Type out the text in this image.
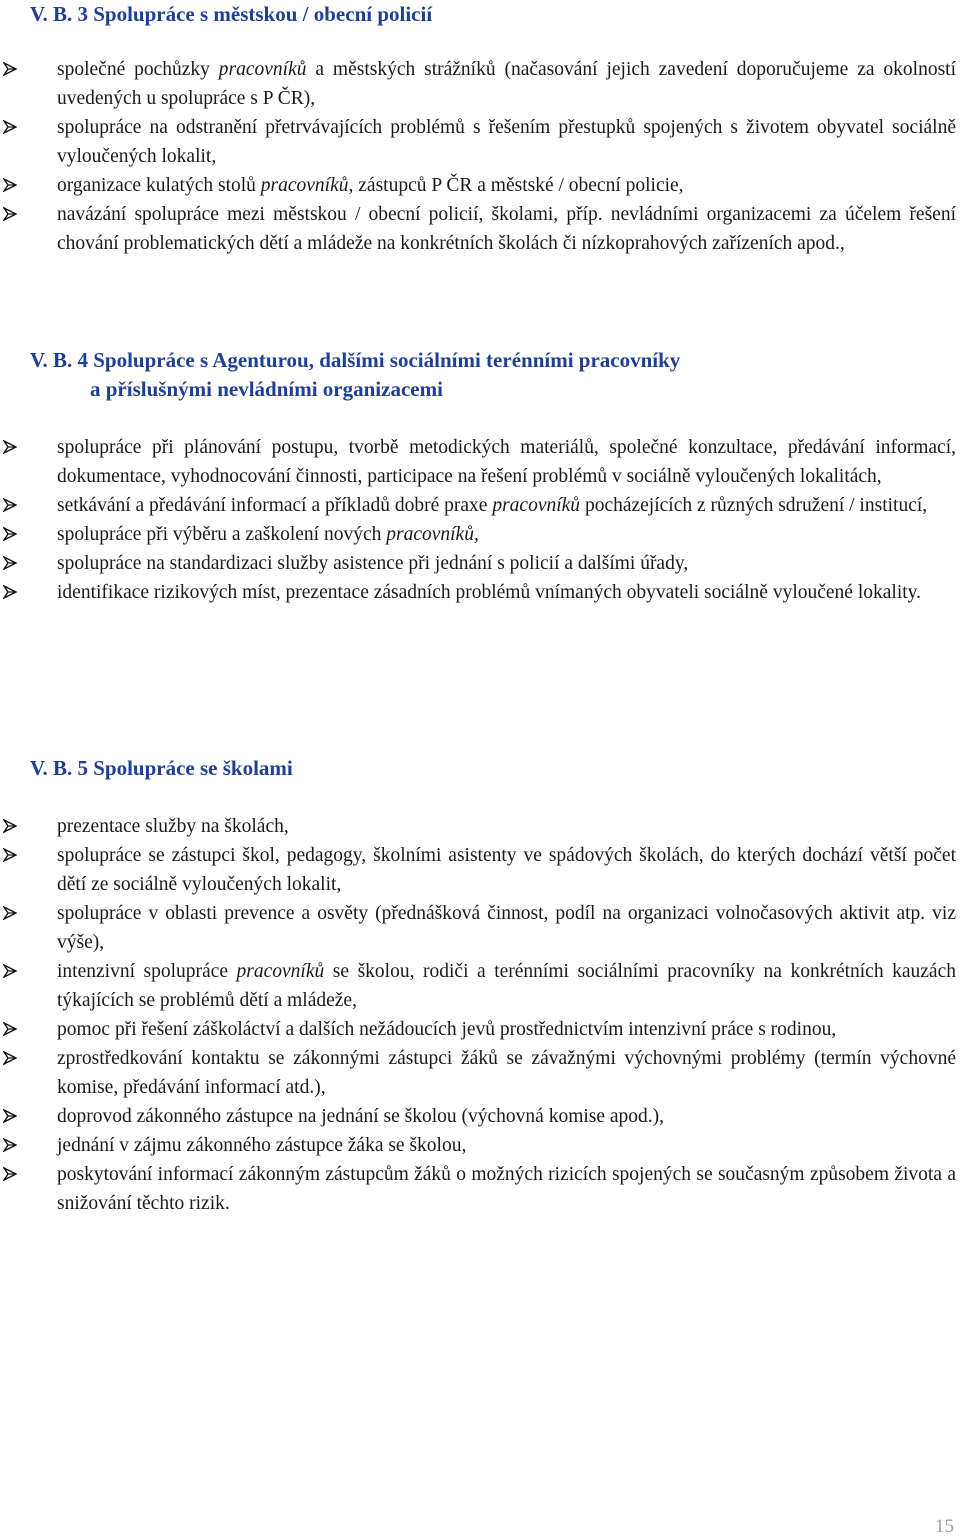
V. B. 3 Spolupráce s městskou / obecní policií
společné pochůzky pracovníků a městských strážníků (načasování jejich zavedení doporučujeme za okolností uvedených u spolupráce s P ČR),
spolupráce na odstranění přetrvávajících problémů s řešením přestupků spojených s životem obyvatel sociálně vyloučených lokalit,
organizace kulatých stolů pracovníků, zástupců P ČR a městské / obecní policie,
navázání spolupráce mezi městskou / obecní policií, školami, příp. nevládními organizacemi za účelem řešení chování problematických dětí a mládeže na konkrétních školách či nízkoprahových zařízeních apod.,
V. B. 4 Spolupráce s Agenturou, dalšími sociálními terénními pracovníky
a příslušnými nevládními organizacemi
spolupráce při plánování postupu, tvorbě metodických materiálů, společné konzultace, předávání informací, dokumentace, vyhodnocování činnosti, participace na řešení problémů v sociálně vyloučených lokalitách,
setkávání a předávání informací a příkladů dobré praxe pracovníků pocházejících z různých sdružení / institucí,
spolupráce při výběru a zaškolení nových pracovníků,
spolupráce na standardizaci služby asistence při jednání s policií a dalšími úřady,
identifikace rizikových míst, prezentace zásadních problémů vnímaných obyvateli sociálně vyloučené lokality.
V. B. 5 Spolupráce se školami
prezentace služby na školách,
spolupráce se zástupci škol, pedagogy, školními asistenty ve spádových školách, do kterých dochází větší počet dětí ze sociálně vyloučených lokalit,
spolupráce v oblasti prevence a osvěty (přednášková činnost, podíl na organizaci volnočasových aktivit atp. viz výše),
intenzivní spolupráce pracovníků se školou, rodiči a terénními sociálními pracovníky na konkrétních kauzách týkajících se problémů dětí a mládeže,
pomoc při řešení záškoláctví a dalších nežádoucích jevů prostřednictvím intenzivní práce s rodinou,
zprostředkování kontaktu se zákonnými zástupci žáků se závažnými výchovnými problémy (termín výchovné komise, předávání informací atd.),
doprovod zákonného zástupce na jednání se školou (výchovná komise apod.),
jednání v zájmu zákonného zástupce žáka se školou,
poskytování informací zákonným zástupcům žáků o možných rizicích spojených se současným způsobem života a snižování těchto rizik.
15
